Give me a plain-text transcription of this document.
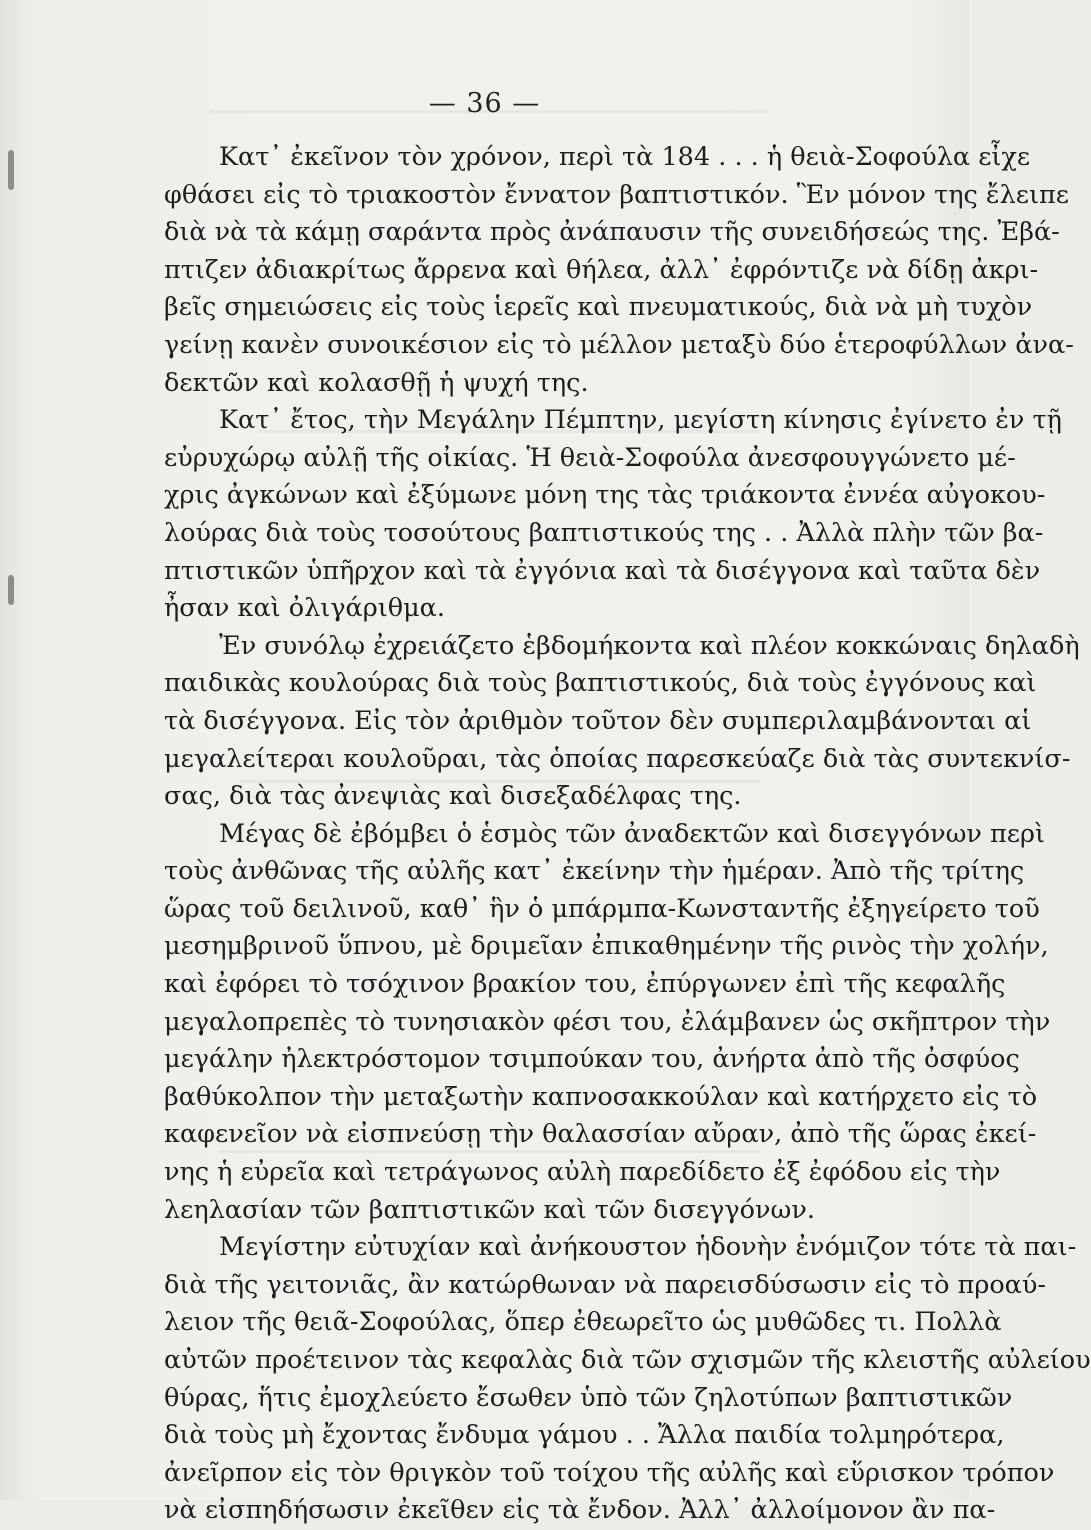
— 36 —
Κατ᾽ ἐκεῖνον τὸν χρόνον, περὶ τὰ 184 . . . ἡ θειὰ-Σοφούλα εἶχε
φθάσει εἰς τὸ τριακοστὸν ἔννατον βαπτιστικόν. Ἓν μόνον της ἔλειπε
διὰ νὰ τὰ κάμῃ σαράντα πρὸς ἀνάπαυσιν τῆς συνειδήσεώς της. Ἐβά-
πτιζεν ἀδιακρίτως ἄρρενα καὶ θήλεα, ἀλλ᾽ ἐφρόντιζε νὰ δίδῃ ἀκρι-
βεῖς σημειώσεις εἰς τοὺς ἱερεῖς καὶ πνευματικούς, διὰ νὰ μὴ τυχὸν
γείνῃ κανὲν συνοικέσιον εἰς τὸ μέλλον μεταξὺ δύο ἑτεροφύλλων ἀνα-
δεκτῶν καὶ κολασθῇ ἡ ψυχή της.
Κατ᾽ ἔτος, τὴν Μεγάλην Πέμπτην, μεγίστη κίνησις ἐγίνετο ἐν τῇ
εὐρυχώρῳ αὐλῇ τῆς οἰκίας. Ἡ θειὰ-Σοφούλα ἀνεσφουγγώνετο μέ-
χρις ἀγκώνων καὶ ἐξύμωνε μόνη της τὰς τριάκοντα ἐννέα αὐγοκου-
λούρας διὰ τοὺς τοσούτους βαπτιστικούς της . . Ἀλλὰ πλὴν τῶν βα-
πτιστικῶν ὑπῆρχον καὶ τὰ ἐγγόνια καὶ τὰ δισέγγονα καὶ ταῦτα δὲν
ἦσαν καὶ ὀλιγάριθμα.
Ἐν συνόλῳ ἐχρειάζετο ἑβδομήκοντα καὶ πλέον κοκκώναις δηλαδὴ
παιδικὰς κουλούρας διὰ τοὺς βαπτιστικούς, διὰ τοὺς ἐγγόνους καὶ
τὰ δισέγγονα. Εἰς τὸν ἀριθμὸν τοῦτον δὲν συμπεριλαμβάνονται αἱ
μεγαλείτεραι κουλοῦραι, τὰς ὁποίας παρεσκεύαζε διὰ τὰς συντεκνίσ-
σας, διὰ τὰς ἀνεψιὰς καὶ δισεξαδέλφας της.
Μέγας δὲ ἐβόμβει ὁ ἑσμὸς τῶν ἀναδεκτῶν καὶ δισεγγόνων περὶ
τοὺς ἀνθῶνας τῆς αὐλῆς κατ᾽ ἐκείνην τὴν ἡμέραν. Ἀπὸ τῆς τρίτης
ὥρας τοῦ δειλινοῦ, καθ᾽ ἣν ὁ μπάρμπα-Κωνσταντῆς ἐξηγείρετο τοῦ
μεσημβρινοῦ ὕπνου, μὲ δριμεῖαν ἐπικαθημένην τῆς ρινὸς τὴν χολήν,
καὶ ἐφόρει τὸ τσόχινον βρακίον του, ἐπύργωνεν ἐπὶ τῆς κεφαλῆς
μεγαλοπρεπὲς τὸ τυνησιακὸν φέσι του, ἐλάμβανεν ὡς σκῆπτρον τὴν
μεγάλην ἠλεκτρόστομον τσιμπούκαν του, ἀνήρτα ἀπὸ τῆς ὀσφύος
βαθύκολπον τὴν μεταξωτὴν καπνοσακκούλαν καὶ κατήρχετο εἰς τὸ
καφενεῖον νὰ εἰσπνεύσῃ τὴν θαλασσίαν αὔραν, ἀπὸ τῆς ὥρας ἐκεί-
νης ἡ εὐρεῖα καὶ τετράγωνος αὐλὴ παρεδίδετο ἐξ ἐφόδου εἰς τὴν
λεηλασίαν τῶν βαπτιστικῶν καὶ τῶν δισεγγόνων.
Μεγίστην εὐτυχίαν καὶ ἀνήκουστον ἡδονὴν ἐνόμιζον τότε τὰ παι-
διὰ τῆς γειτονιᾶς, ἂν κατώρθωναν νὰ παρεισδύσωσιν εἰς τὸ προαύ-
λειον τῆς θειᾶ-Σοφούλας, ὅπερ ἐθεωρεῖτο ὡς μυθῶδες τι. Πολλὰ
αὐτῶν προέτεινον τὰς κεφαλὰς διὰ τῶν σχισμῶν τῆς κλειστῆς αὐλείου
θύρας, ἥτις ἐμοχλεύετο ἔσωθεν ὑπὸ τῶν ζηλοτύπων βαπτιστικῶν
διὰ τοὺς μὴ ἔχοντας ἔνδυμα γάμου . . Ἄλλα παιδία τολμηρότερα,
ἀνεῖρπον εἰς τὸν θριγκὸν τοῦ τοίχου τῆς αὐλῆς καὶ εὕρισκον τρόπον
νὰ εἰσπηδήσωσιν ἐκεῖθεν εἰς τὰ ἔνδον. Ἀλλ᾽ ἀλλοίμονον ἂν πα-
